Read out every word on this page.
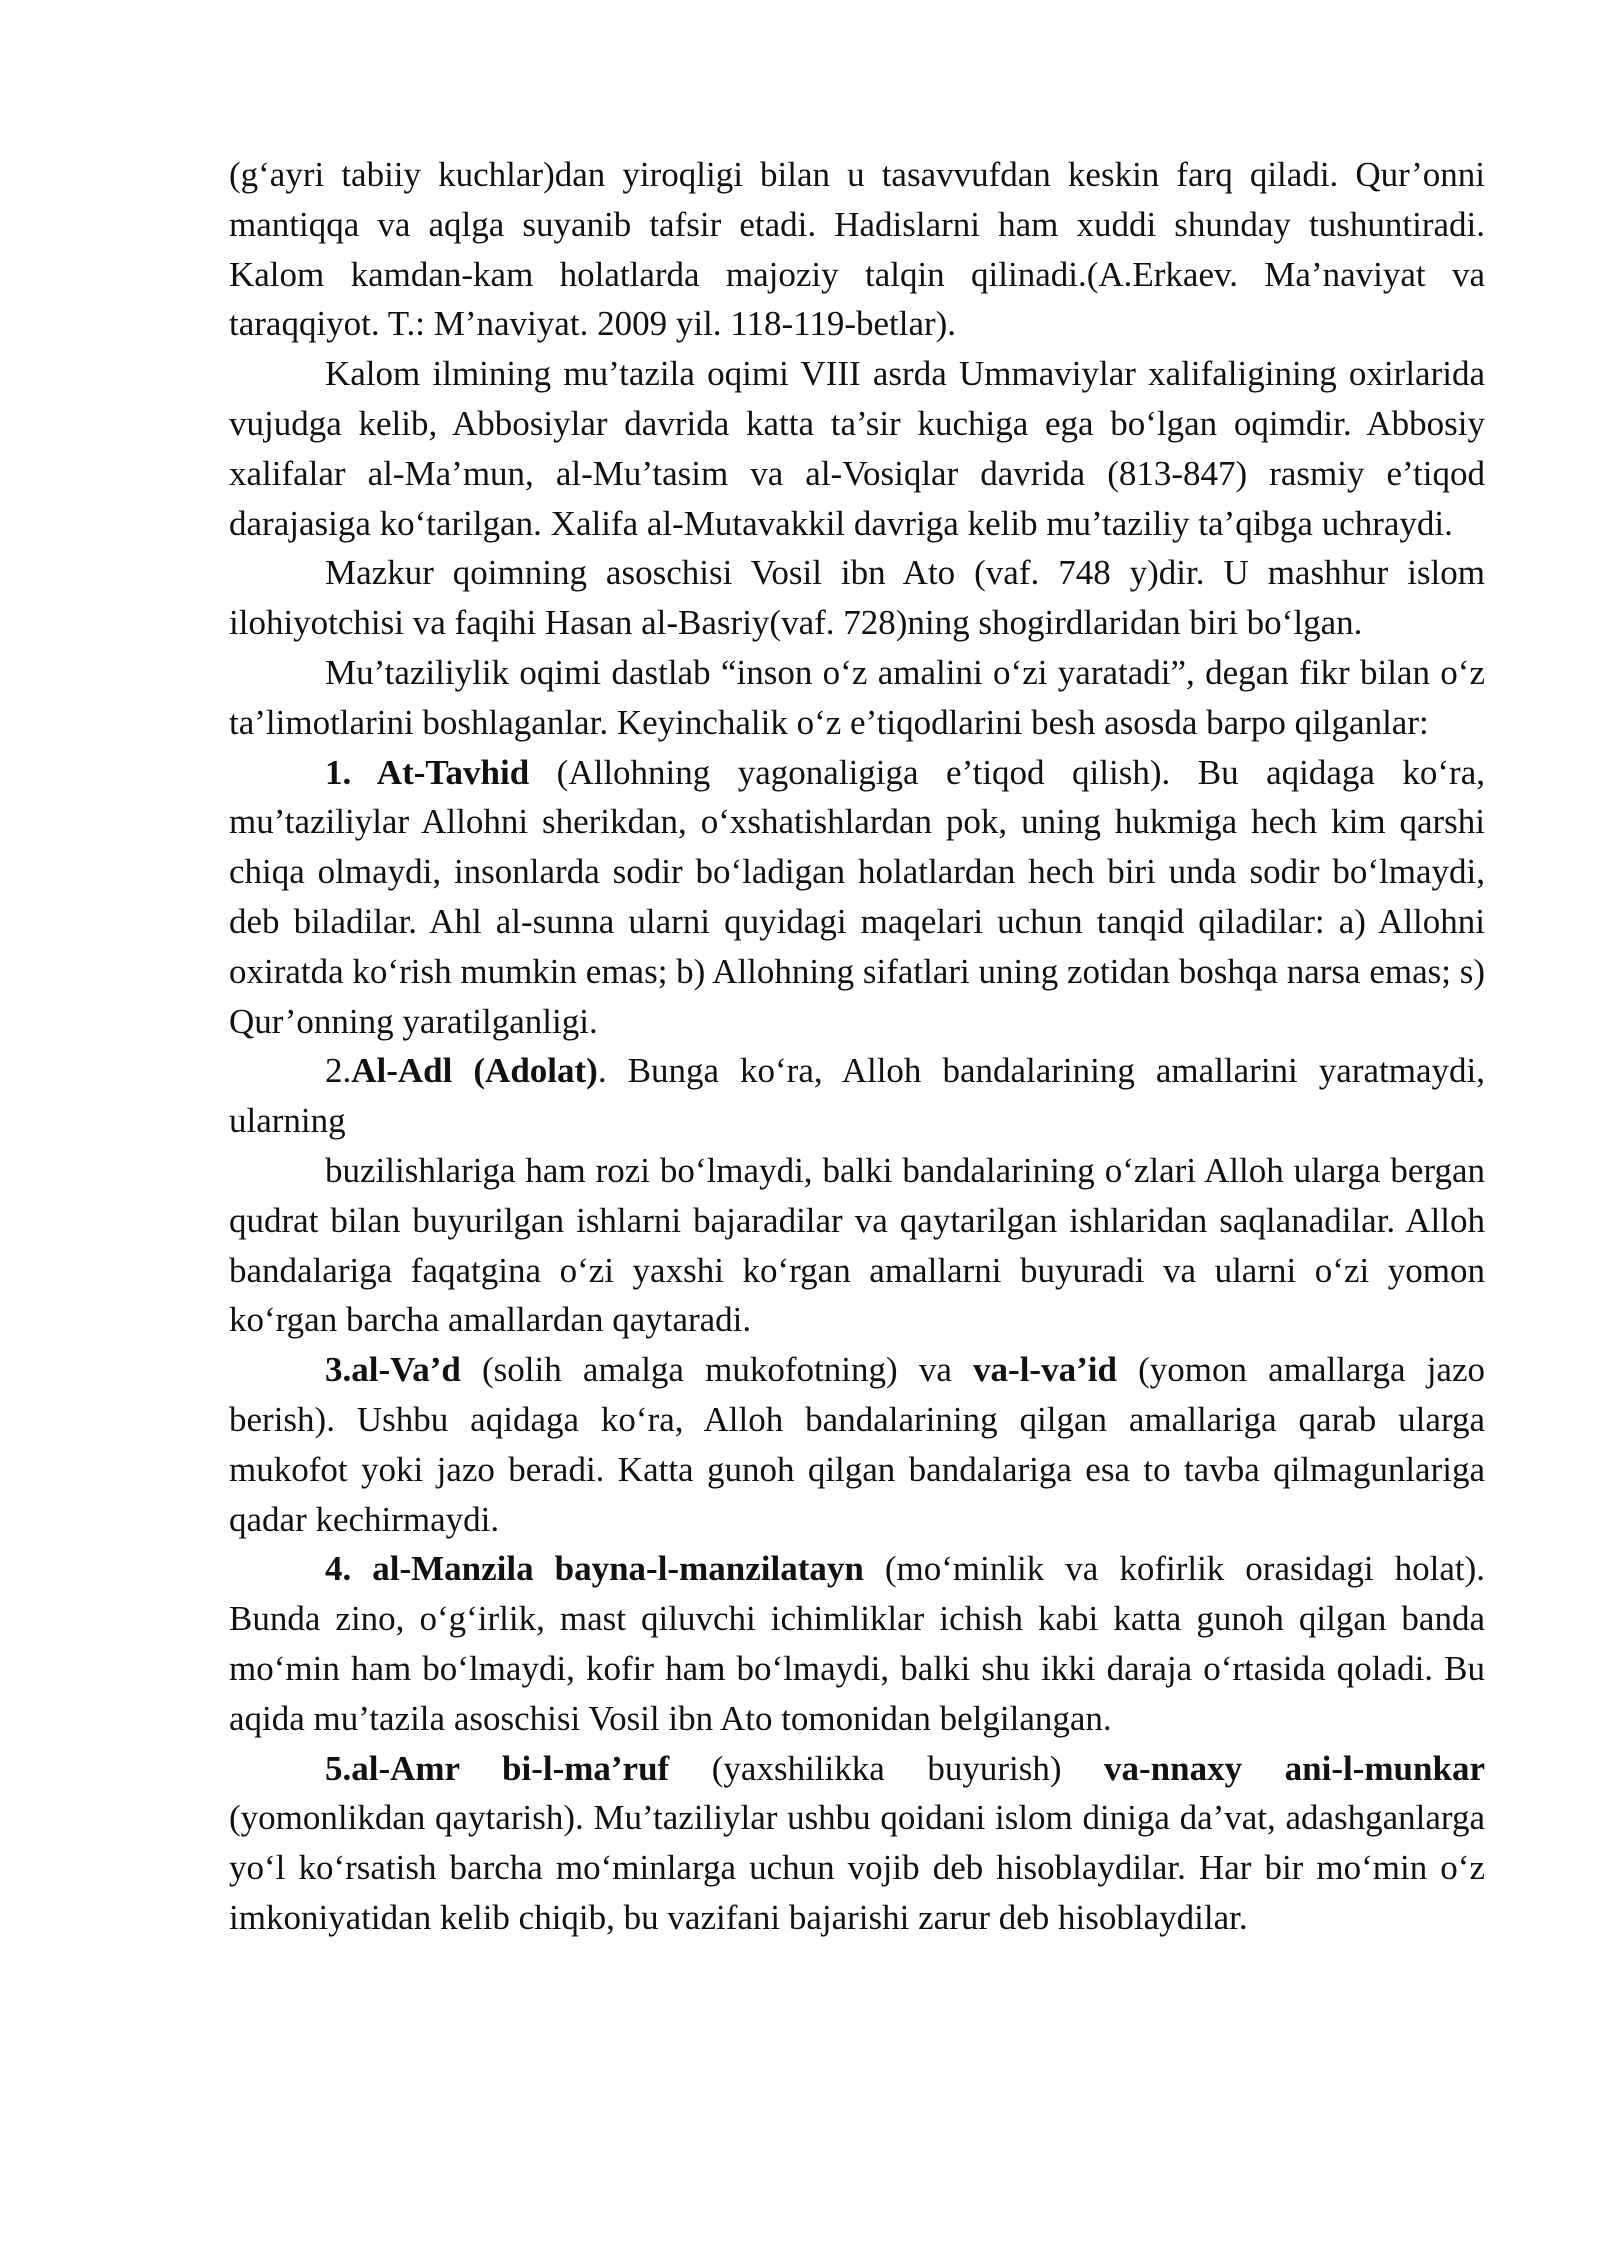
(g‘ayri tabiiy kuchlar)dan yiroqligi bilan u tasavvufdan keskin farq qiladi. Qur’onni mantiqqa va aqlga suyanib tafsir etadi. Hadislarni ham xuddi shunday tushuntiradi. Kalom kamdan-kam holatlarda majoziy talqin qilinadi.(A.Erkaev. Ma’naviyat va taraqqiyot. T.: M’naviyat. 2009 yil. 118-119-betlar).

Kalom ilmining mu’tazila oqimi VIII asrda Ummaviylar xalifaligining oxirlarida vujudga kelib, Abbosiylar davrida katta ta’sir kuchiga ega bo‘lgan oqimdir. Abbosiy xalifalar al-Ma’mun, al-Mu’tasim va al-Vosiqlar davrida (813-847) rasmiy e’tiqod darajasiga ko‘tarilgan. Xalifa al-Mutavakkil davriga kelib mu’taziliy ta’qibga uchraydi.

Mazkur qoimning asoschisi Vosil ibn Ato (vaf. 748 y)dir. U mashhur islom ilohiyotchisi va faqihi Hasan al-Basriy(vaf. 728)ning shogirdlaridan biri bo‘lgan.

Mu’taziliylik oqimi dastlab “inson o‘z amalini o‘zi yaratadi”, degan fikr bilan o‘z ta’limotlarini boshlaganlar. Keyinchalik o‘z e’tiqodlarini besh asosda barpo qilganlar:

1. At-Tavhid (Allohning yagonaligiga e’tiqod qilish). Bu aqidaga ko‘ra, mu’taziliylar Allohni sherikdan, o‘xshatishlardan pok, uning hukmiga hech kim qarshi chiqa olmaydi, insonlarda sodir bo‘ladigan holatlardan hech biri unda sodir bo‘lmaydi, deb biladilar. Ahl al-sunna ularni quyidagi maqelari uchun tanqid qiladilar: a) Allohni oxiratda ko‘rish mumkin emas; b) Allohning sifatlari uning zotidan boshqa narsa emas; s) Qur’onning yaratilganligi.

2.Al-Adl (Adolat). Bunga ko‘ra, Alloh bandalarining amallarini yaratmaydi, ularning

buzilishlariga ham rozi bo‘lmaydi, balki bandalarining o‘zlari Alloh ularga bergan qudrat bilan buyurilgan ishlarni bajaradilar va qaytarilgan ishlaridan saqlanadilar. Alloh bandalariga faqatgina o‘zi yaxshi ko‘rgan amallarni buyuradi va ularni o‘zi yomon ko‘rgan barcha amallardan qaytaradi.

3.al-Va’d (solih amalga mukofotning) va va-l-va’id (yomon amallarga jazo berish). Ushbu aqidaga ko‘ra, Alloh bandalarining qilgan amallariga qarab ularga mukofot yoki jazo beradi. Katta gunoh qilgan bandalariga esa to tavba qilmagunlariga qadar kechirmaydi.

4. al-Manzila bayna-l-manzilatayn (mo‘minlik va kofirlik orasidagi holat). Bunda zino, o‘g‘irlik, mast qiluvchi ichimliklar ichish kabi katta gunoh qilgan banda mo‘min ham bo‘lmaydi, kofir ham bo‘lmaydi, balki shu ikki daraja o‘rtasida qoladi. Bu aqida mu’tazila asoschisi Vosil ibn Ato tomonidan belgilangan.

5.al-Amr bi-l-ma’ruf (yaxshilikka buyurish) va-nnaxy ani-l-munkar (yomonlikdan qaytarish). Mu’taziliylar ushbu qoidani islom diniga da’vat, adashganlarga yo‘l ko‘rsatish barcha mo‘minlarga uchun vojib deb hisoblaydilar. Har bir mo‘min o‘z imkoniyatidan kelib chiqib, bu vazifani bajarishi zarur deb hisoblaydilar.
